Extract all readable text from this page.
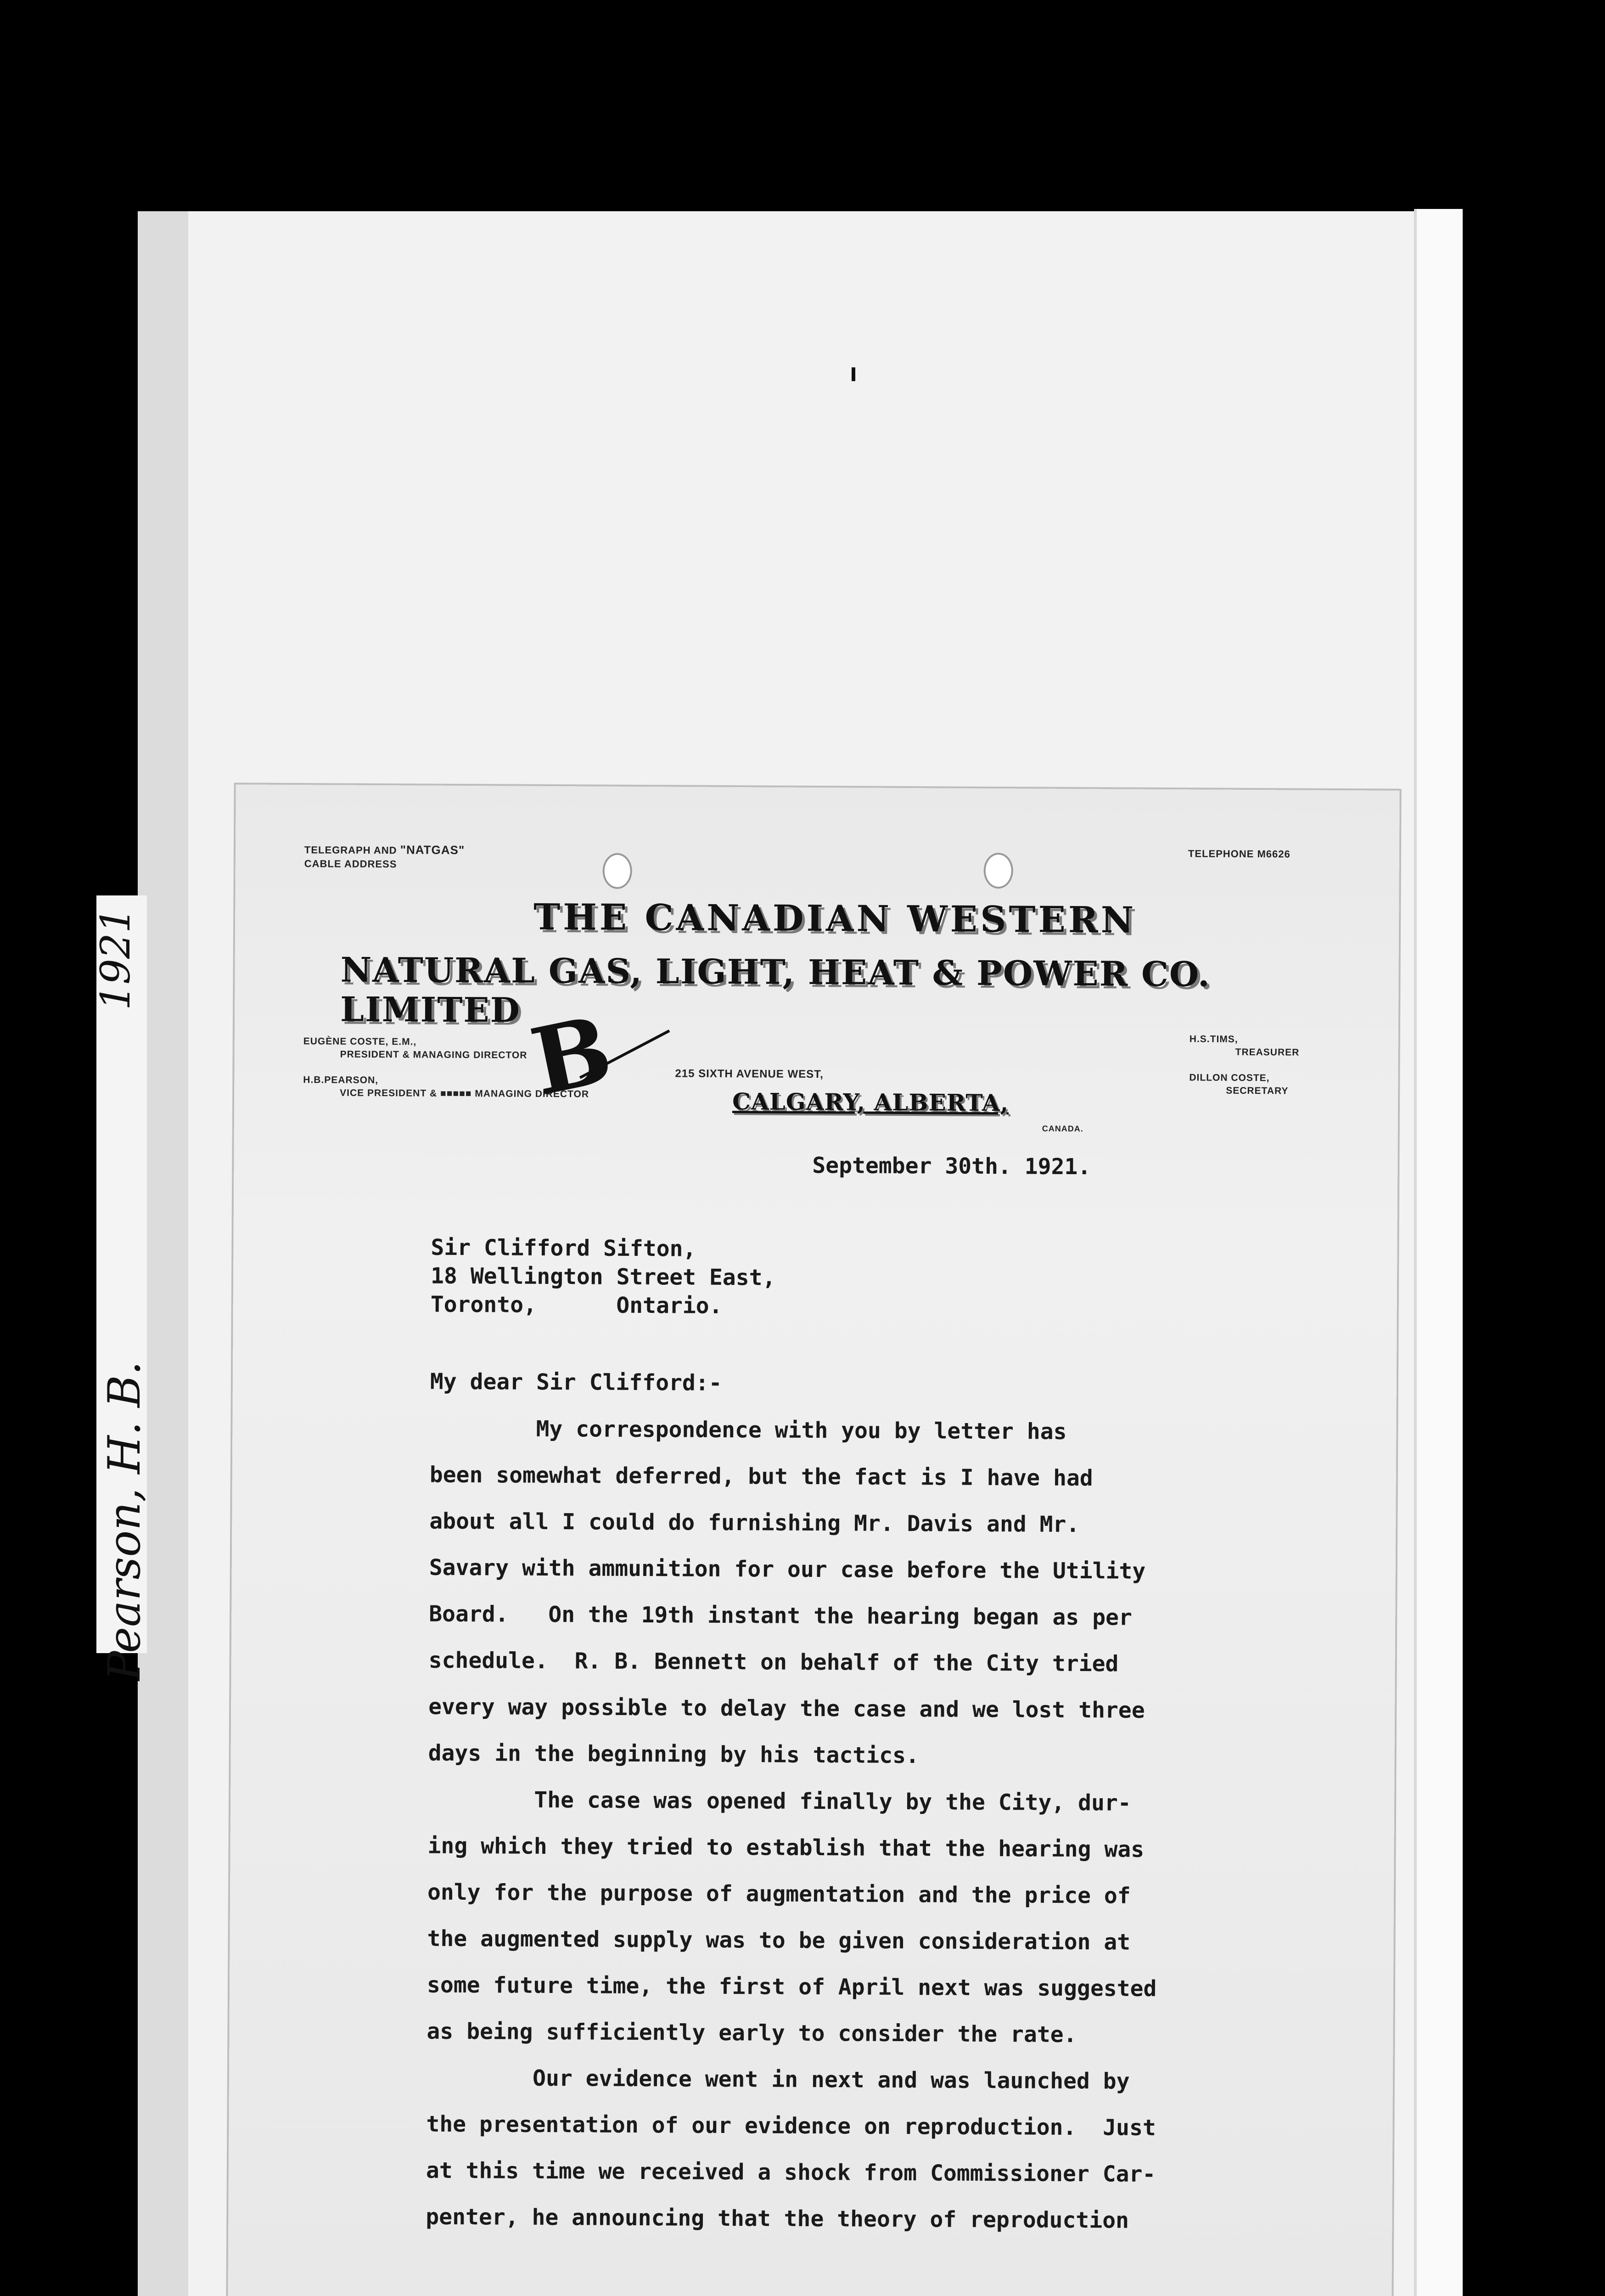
1921
Pearson, H. B.
TELEGRAPH AND "NATGAS"
CABLE ADDRESS
TELEPHONE M6626
THE CANADIAN WESTERN
NATURAL GAS, LIGHT, HEAT & POWER CO. LIMITED
EUGÈNE COSTE, E.M.,
PRESIDENT & MANAGING DIRECTOR

H.B.PEARSON,
VICE PRESIDENT & ■■■■■ MANAGING DIRECTOR
B	H.S.TIMS,
TREASURER

DILLON COSTE,
SECRETARY
215 SIXTH AVENUE WEST,
CALGARY, ALBERTA,
CANADA.
September 30th. 1921.
Sir Clifford Sifton,
18 Wellington Street East,
Toronto,      Ontario.
My dear Sir Clifford:-
My correspondence with you by letter has
been somewhat deferred, but the fact is I have had
about all I could do furnishing Mr. Davis and Mr.
Savary with ammunition for our case before the Utility
Board.   On the 19th instant the hearing began as per
schedule.  R. B. Bennett on behalf of the City tried
every way possible to delay the case and we lost three
days in the beginning by his tactics.
The case was opened finally by the City, dur-
ing which they tried to establish that the hearing was
only for the purpose of augmentation and the price of
the augmented supply was to be given consideration at
some future time, the first of April next was suggested
as being sufficiently early to consider the rate.
Our evidence went in next and was launched by
the presentation of our evidence on reproduction.  Just
at this time we received a shock from Commissioner Car-
penter, he announcing that the theory of reproduction
